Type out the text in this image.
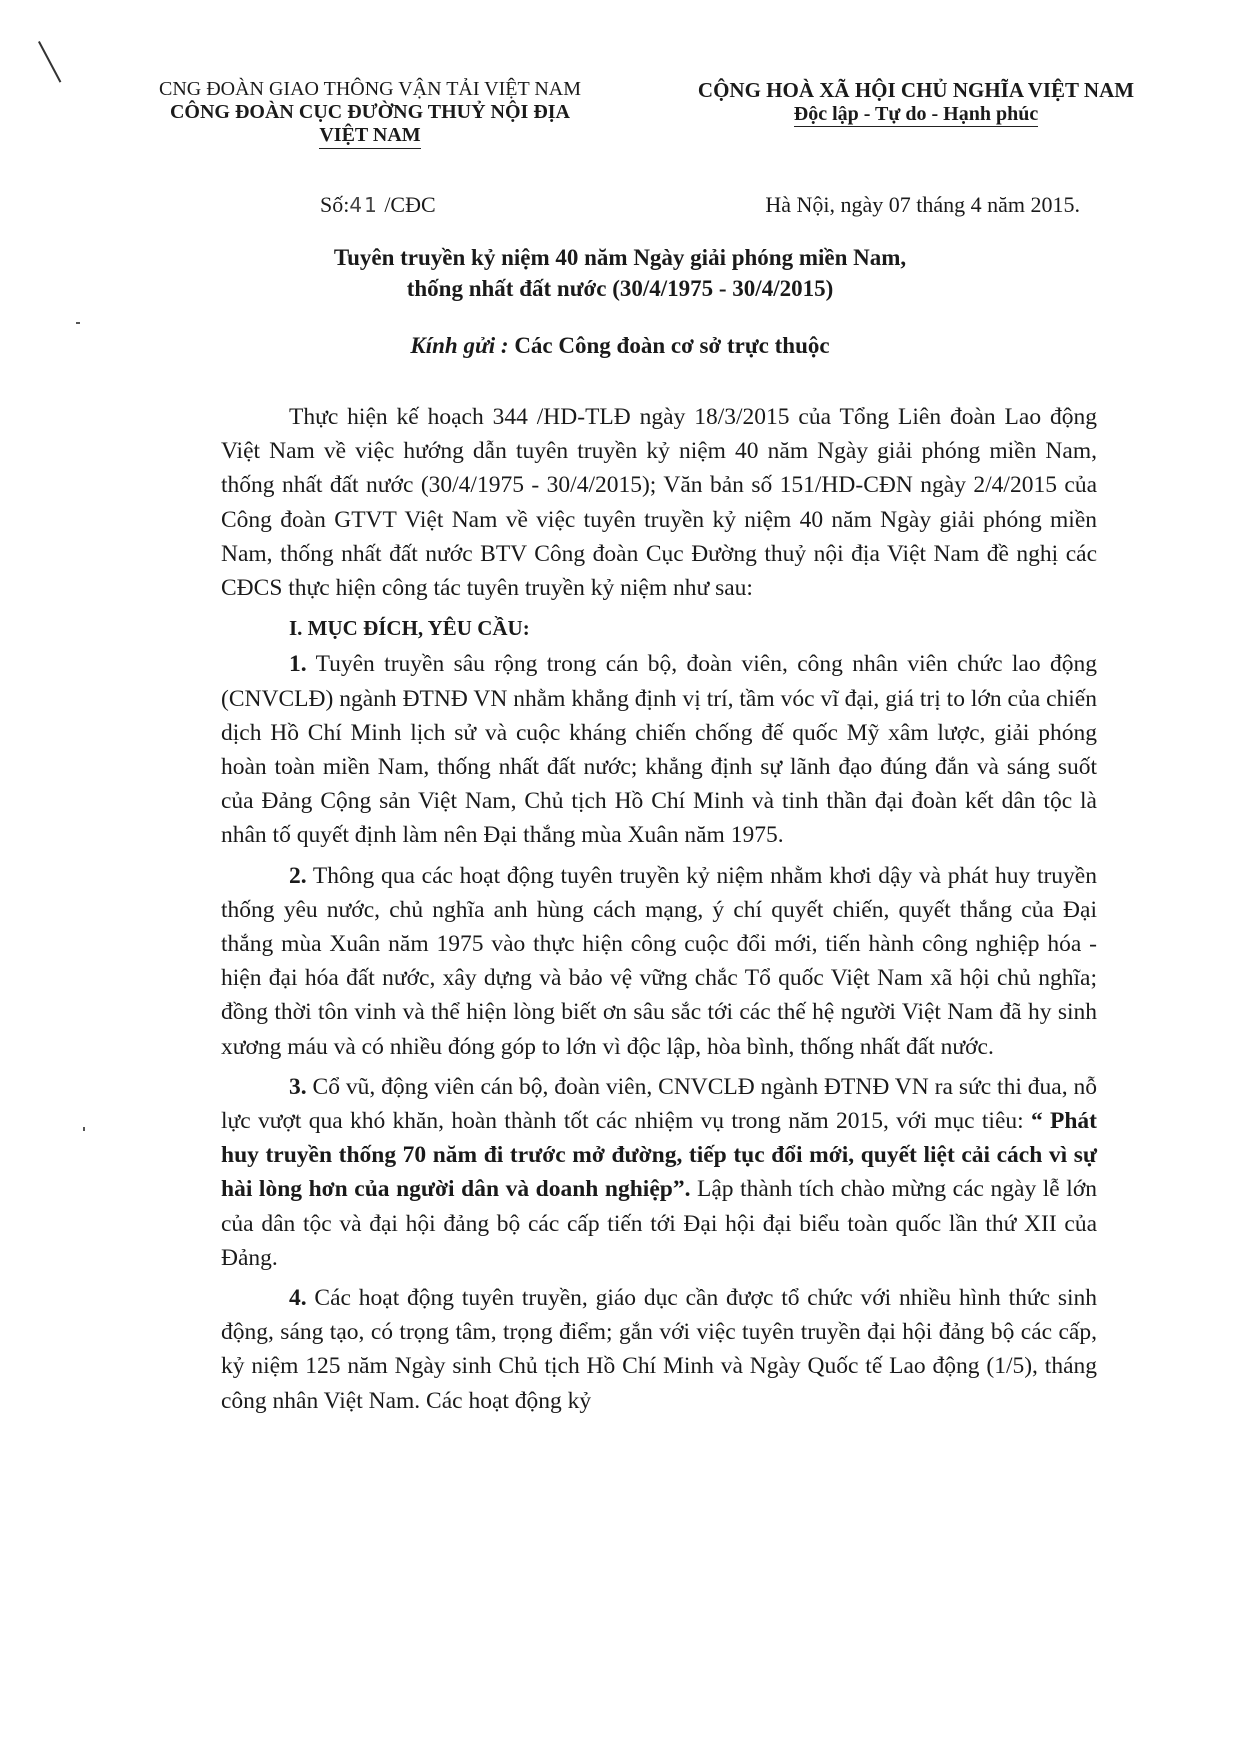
CNG ĐOÀN GIAO THÔNG VẬN TẢI VIỆT NAM
CÔNG ĐOÀN CỤC ĐƯỜNG THUỶ NỘI ĐỊA
VIỆT NAM
CỘNG HOÀ XÃ HỘI CHỦ NGHĨA VIỆT NAM
Độc lập - Tự do - Hạnh phúc
Số:41 /CĐC	Hà Nội, ngày 07 tháng 4 năm 2015.
Tuyên truyền kỷ niệm 40 năm Ngày giải phóng miền Nam,
thống nhất đất nước (30/4/1975 - 30/4/2015)
Kính gửi : Các Công đoàn cơ sở trực thuộc

Thực hiện kế hoạch 344 /HD-TLĐ ngày 18/3/2015 của Tổng Liên đoàn Lao động Việt Nam về việc hướng dẫn tuyên truyền kỷ niệm 40 năm Ngày giải phóng miền Nam, thống nhất đất nước (30/4/1975 - 30/4/2015); Văn bản số 151/HD-CĐN ngày 2/4/2015 của Công đoàn GTVT Việt Nam về việc tuyên truyền kỷ niệm 40 năm Ngày giải phóng miền Nam, thống nhất đất nước BTV Công đoàn Cục Đường thuỷ nội địa Việt Nam đề nghị các CĐCS thực hiện công tác tuyên truyền kỷ niệm như sau:

I. MỤC ĐÍCH, YÊU CẦU:

1. Tuyên truyền sâu rộng trong cán bộ, đoàn viên, công nhân viên chức lao động (CNVCLĐ) ngành ĐTNĐ VN nhằm khẳng định vị trí, tầm vóc vĩ đại, giá trị to lớn của chiến dịch Hồ Chí Minh lịch sử và cuộc kháng chiến chống đế quốc Mỹ xâm lược, giải phóng hoàn toàn miền Nam, thống nhất đất nước; khẳng định sự lãnh đạo đúng đắn và sáng suốt của Đảng Cộng sản Việt Nam, Chủ tịch Hồ Chí Minh và tinh thần đại đoàn kết dân tộc là nhân tố quyết định làm nên Đại thắng mùa Xuân năm 1975.

2. Thông qua các hoạt động tuyên truyền kỷ niệm nhằm khơi dậy và phát huy truyền thống yêu nước, chủ nghĩa anh hùng cách mạng, ý chí quyết chiến, quyết thắng của Đại thắng mùa Xuân năm 1975 vào thực hiện công cuộc đổi mới, tiến hành công nghiệp hóa - hiện đại hóa đất nước, xây dựng và bảo vệ vững chắc Tổ quốc Việt Nam xã hội chủ nghĩa; đồng thời tôn vinh và thể hiện lòng biết ơn sâu sắc tới các thế hệ người Việt Nam đã hy sinh xương máu và có nhiều đóng góp to lớn vì độc lập, hòa bình, thống nhất đất nước.

3. Cổ vũ, động viên cán bộ, đoàn viên, CNVCLĐ ngành ĐTNĐ VN ra sức thi đua, nỗ lực vượt qua khó khăn, hoàn thành tốt các nhiệm vụ trong năm 2015, với mục tiêu: “ Phát huy truyền thống 70 năm đi trước mở đường, tiếp tục đổi mới, quyết liệt cải cách vì sự hài lòng hơn của người dân và doanh nghiệp”. Lập thành tích chào mừng các ngày lễ lớn của dân tộc và đại hội đảng bộ các cấp tiến tới Đại hội đại biểu toàn quốc lần thứ XII của Đảng.

4. Các hoạt động tuyên truyền, giáo dục cần được tổ chức với nhiều hình thức sinh động, sáng tạo, có trọng tâm, trọng điểm; gắn với việc tuyên truyền đại hội đảng bộ các cấp, kỷ niệm 125 năm Ngày sinh Chủ tịch Hồ Chí Minh và Ngày Quốc tế Lao động (1/5), tháng công nhân Việt Nam. Các hoạt động kỷ
